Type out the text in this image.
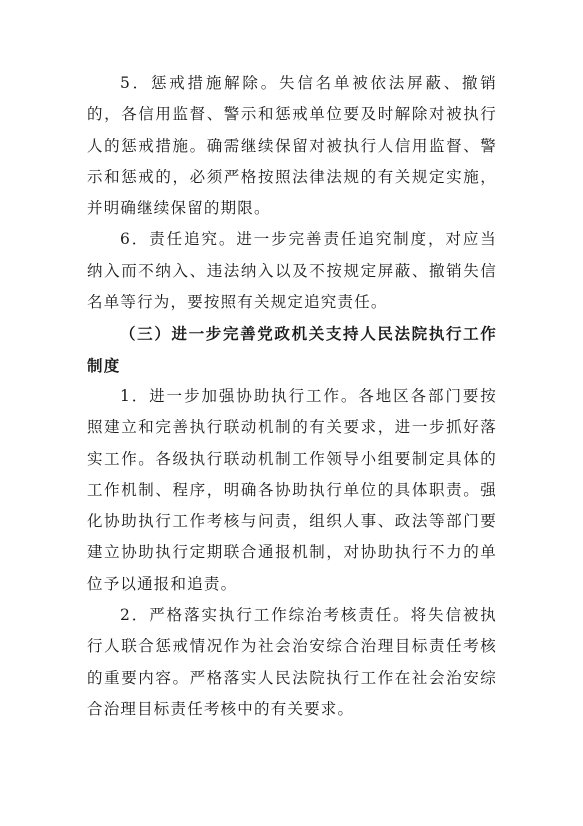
5．惩戒措施解除。失信名单被依法屏蔽、撤销的，各信用监督、警示和惩戒单位要及时解除对被执行人的惩戒措施。确需继续保留对被执行人信用监督、警示和惩戒的，必须严格按照法律法规的有关规定实施，并明确继续保留的期限。

6．责任追究。进一步完善责任追究制度，对应当纳入而不纳入、违法纳入以及不按规定屏蔽、撤销失信名单等行为，要按照有关规定追究责任。

（三）进一步完善党政机关支持人民法院执行工作制度

1．进一步加强协助执行工作。各地区各部门要按照建立和完善执行联动机制的有关要求，进一步抓好落实工作。各级执行联动机制工作领导小组要制定具体的工作机制、程序，明确各协助执行单位的具体职责。强化协助执行工作考核与问责，组织人事、政法等部门要建立协助执行定期联合通报机制，对协助执行不力的单位予以通报和追责。

2．严格落实执行工作综治考核责任。将失信被执行人联合惩戒情况作为社会治安综合治理目标责任考核的重要内容。严格落实人民法院执行工作在社会治安综合治理目标责任考核中的有关要求。
